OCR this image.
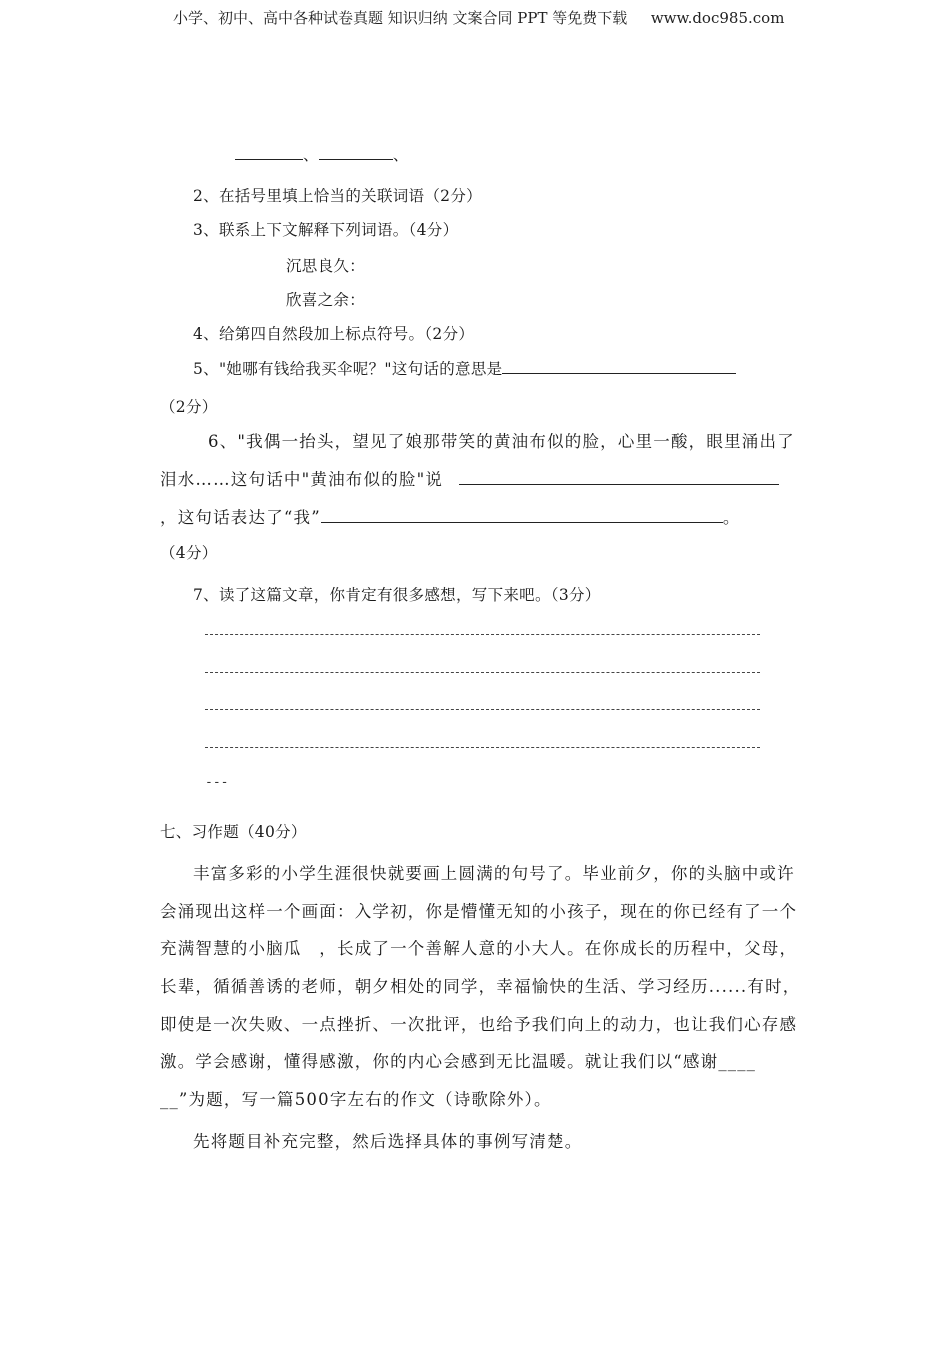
小学、初中、高中各种试卷真题 知识归纳 文案合同 PPT 等免费下载 www.doc985.com
、	、
2、在括号里填上恰当的关联词语（2分）
3、联系上下文解释下列词语。（4分）
沉思良久：
欣喜之余：
4、给第四自然段加上标点符号。（2分）
5、"她哪有钱给我买伞呢？"这句话的意思是
（2分）
6、"我偶一抬头，望见了娘那带笑的黄油布似的脸，心里一酸，眼里涌出了
泪水……这句话中"黄油布似的脸"说
，这句话表达了“我”	。
（4分）
7、读了这篇文章，你肯定有很多感想，写下来吧。（3分）
---
七、习作题（40分）
丰富多彩的小学生涯很快就要画上圆满的句号了。毕业前夕，你的头脑中或许
会涌现出这样一个画面：入学初，你是懵懂无知的小孩子，现在的你已经有了一个
充满智慧的小脑瓜　，长成了一个善解人意的小大人。在你成长的历程中，父母，
长辈，循循善诱的老师，朝夕相处的同学，幸福愉快的生活、学习经历......有时，
即使是一次失败、一点挫折、一次批评，也给予我们向上的动力，也让我们心存感
激。学会感谢，懂得感激，你的内心会感到无比温暖。就让我们以“感谢____
__”为题，写一篇500字左右的作文（诗歌除外）。
先将题目补充完整，然后选择具体的事例写清楚。
